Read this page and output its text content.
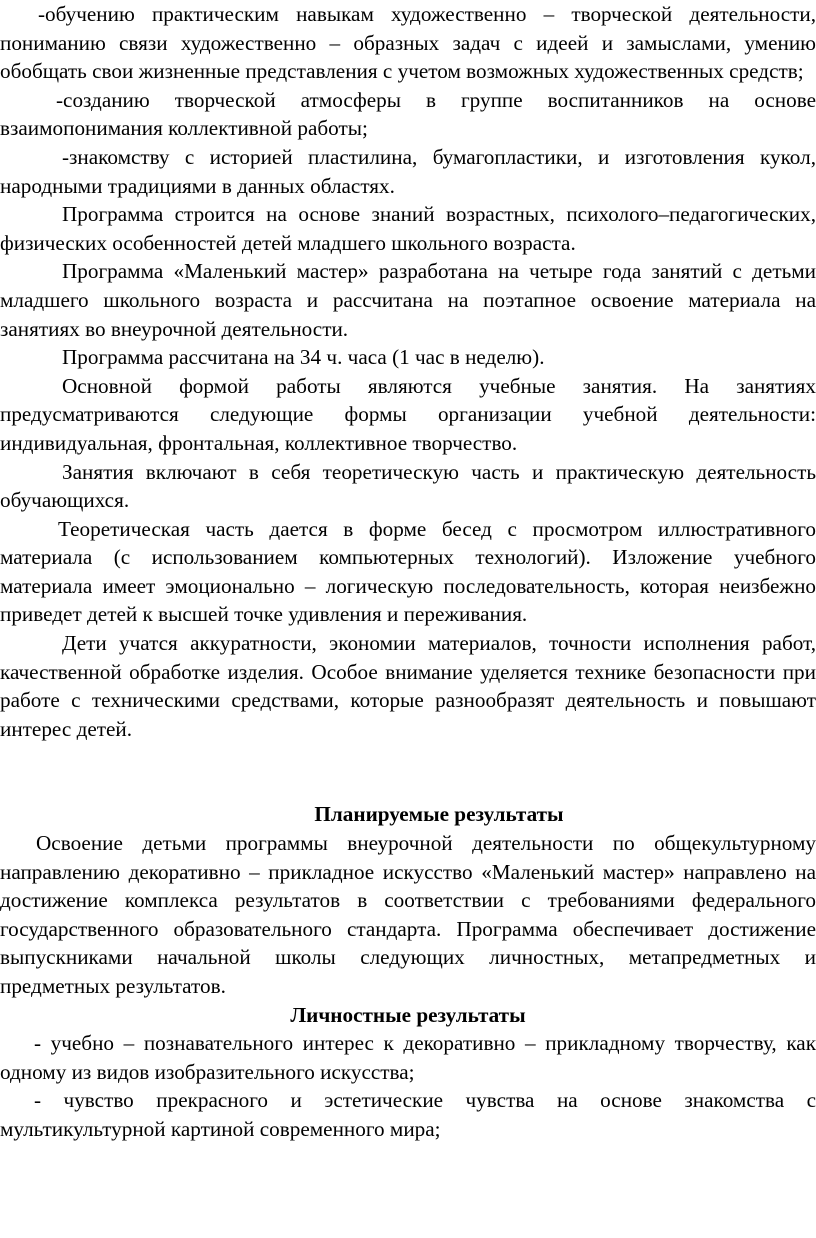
-обучению практическим навыкам художественно – творческой деятельности, пониманию связи художественно – образных задач с идеей и замыслами, умению обобщать свои жизненные представления с учетом возможных художественных средств;

-созданию творческой атмосферы в группе воспитанников на основе взаимопонимания коллективной работы;

-знакомству с историей пластилина, бумагопластики, и изготовления кукол, народными традициями в данных областях.

Программа строится на основе знаний возрастных, психолого–педагогических, физических особенностей детей младшего школьного возраста.

Программа «Маленький мастер» разработана на четыре года занятий с детьми младшего школьного возраста и рассчитана на поэтапное освоение материала на занятиях во внеурочной деятельности.

Программа рассчитана на 34 ч. часа (1 час в неделю).

Основной формой работы являются учебные занятия. На занятиях предусматриваются следующие формы организации учебной деятельности: индивидуальная, фронтальная, коллективное творчество.

Занятия включают в себя теоретическую часть и практическую деятельность обучающихся.

Теоретическая часть дается в форме бесед с просмотром иллюстративного материала (с использованием компьютерных технологий). Изложение учебного материала имеет эмоционально – логическую последовательность, которая неизбежно приведет детей к высшей точке удивления и переживания.

Дети учатся аккуратности, экономии материалов, точности исполнения работ, качественной обработке изделия. Особое внимание уделяется технике безопасности при работе с техническими средствами, которые разнообразят деятельность и повышают интерес детей.

Планируемые результаты

Освоение детьми программы внеурочной деятельности по общекультурному направлению декоративно – прикладное искусство «Маленький мастер» направлено на достижение комплекса результатов в соответствии с требованиями федерального государственного образовательного стандарта. Программа обеспечивает достижение выпускниками начальной школы следующих личностных, метапредметных и предметных результатов.

Личностные результаты

- учебно – познавательного интерес к декоративно – прикладному творчеству, как одному из видов изобразительного искусства;

- чувство прекрасного и эстетические чувства на основе знакомства с мультикультурной картиной современного мира;
